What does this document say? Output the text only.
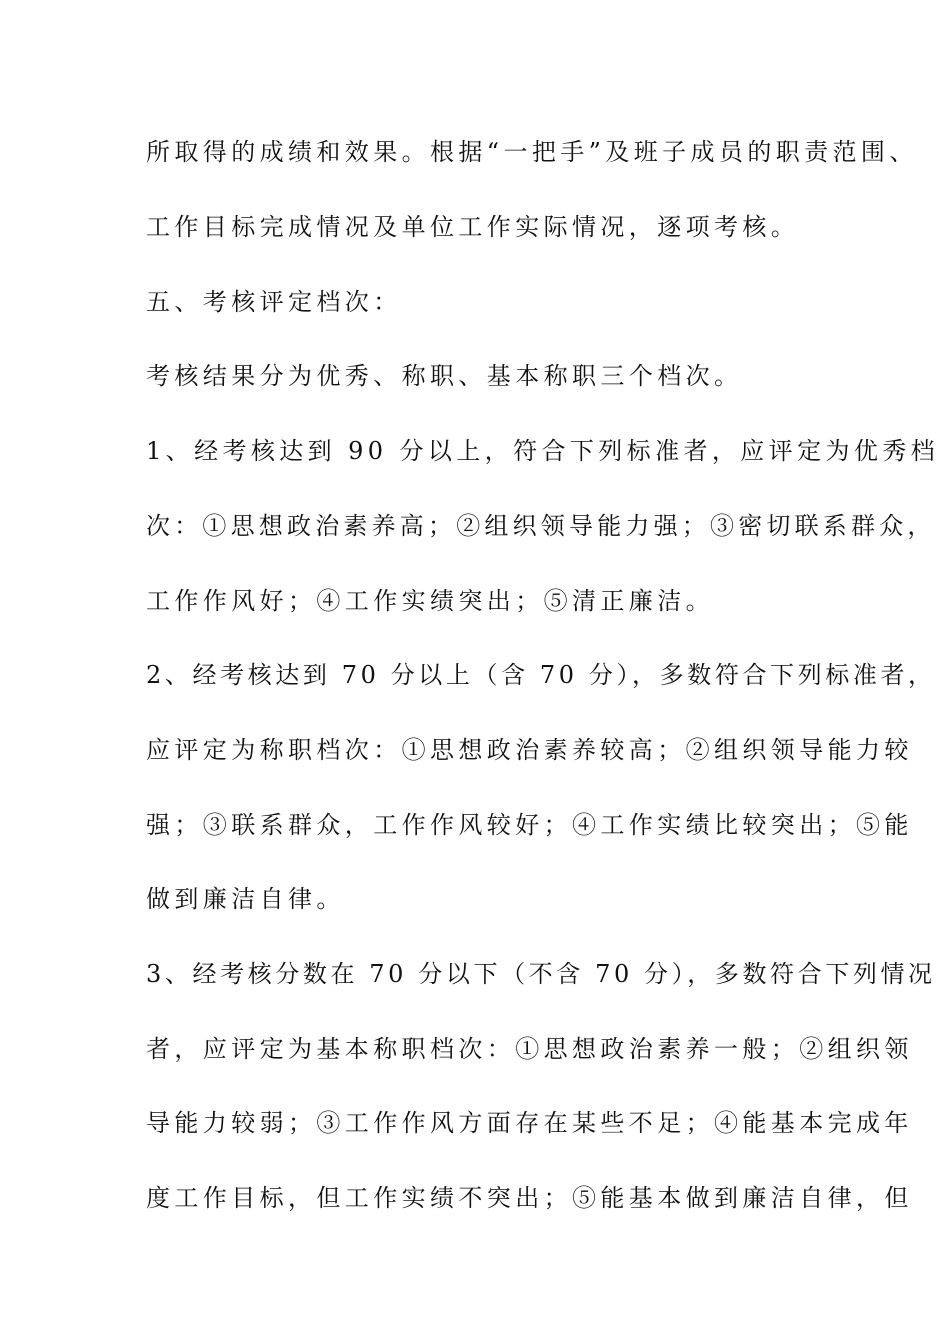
所取得的成绩和效果。根据“一把手”及班子成员的职责范围、
工作目标完成情况及单位工作实际情况，逐项考核。
五、考核评定档次：
考核结果分为优秀、称职、基本称职三个档次。
1、经考核达到 90 分以上，符合下列标准者，应评定为优秀档
次：①思想政治素养高；②组织领导能力强；③密切联系群众，
工作作风好；④工作实绩突出；⑤清正廉洁。
2、经考核达到 70 分以上（含 70 分），多数符合下列标准者，
应评定为称职档次：①思想政治素养较高；②组织领导能力较
强；③联系群众，工作作风较好；④工作实绩比较突出；⑤能
做到廉洁自律。
3、经考核分数在 70 分以下（不含 70 分），多数符合下列情况
者，应评定为基本称职档次：①思想政治素养一般；②组织领
导能力较弱；③工作作风方面存在某些不足；④能基本完成年
度工作目标，但工作实绩不突出；⑤能基本做到廉洁自律，但
